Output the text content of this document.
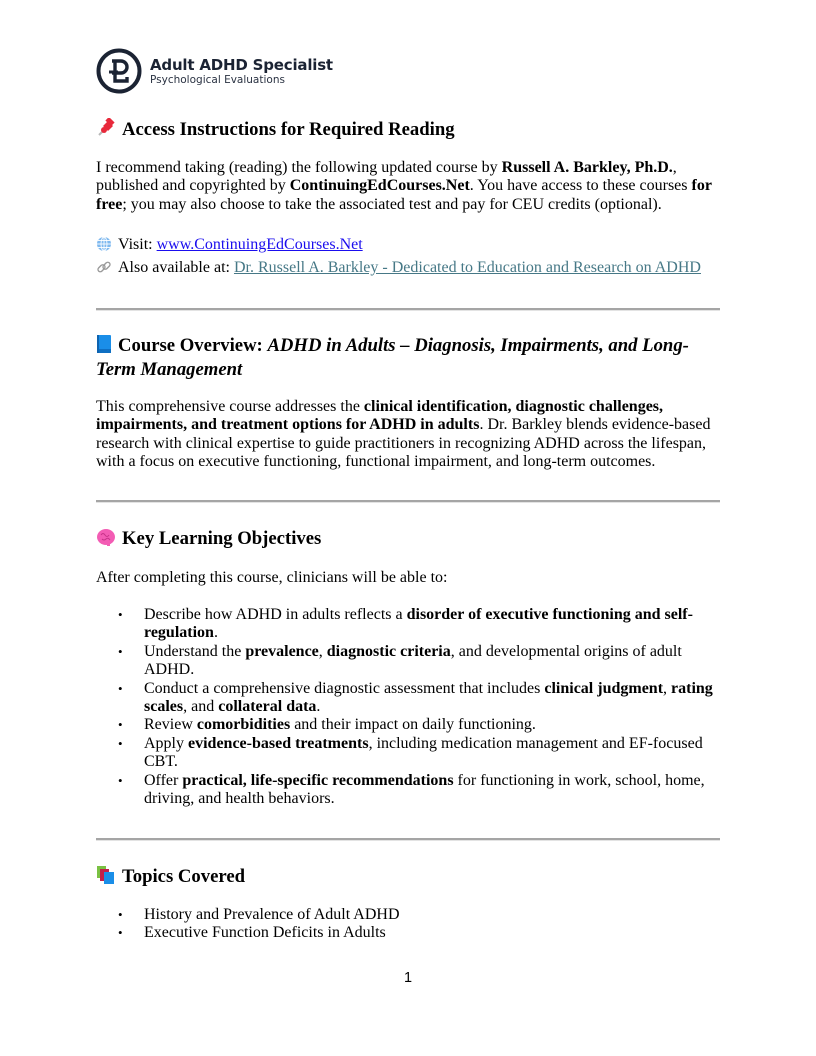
Adult ADHD Specialist
Psychological Evaluations
Access Instructions for Required Reading

I recommend taking (reading) the following updated course by Russell A. Barkley, Ph.D., published and copyrighted by ContinuingEdCourses.Net. You have access to these courses for free; you may also choose to take the associated test and pay for CEU credits (optional).

Visit: www.ContinuingEdCourses.Net
Also available at: Dr. Russell A. Barkley - Dedicated to Education and Research on ADHD
Course Overview: ADHD in Adults – Diagnosis, Impairments, and Long-Term Management

This comprehensive course addresses the clinical identification, diagnostic challenges, impairments, and treatment options for ADHD in adults. Dr. Barkley blends evidence-based research with clinical expertise to guide practitioners in recognizing ADHD across the lifespan, with a focus on executive functioning, functional impairment, and long-term outcomes.

Key Learning Objectives

After completing this course, clinicians will be able to:

• Describe how ADHD in adults reflects a disorder of executive functioning and self-regulation.
• Understand the prevalence, diagnostic criteria, and developmental origins of adult ADHD.
• Conduct a comprehensive diagnostic assessment that includes clinical judgment, rating scales, and collateral data.
• Review comorbidities and their impact on daily functioning.
• Apply evidence-based treatments, including medication management and EF-focused CBT.
• Offer practical, life-specific recommendations for functioning in work, school, home, driving, and health behaviors.
Topics Covered
• History and Prevalence of Adult ADHD
• Executive Function Deficits in Adults
1
